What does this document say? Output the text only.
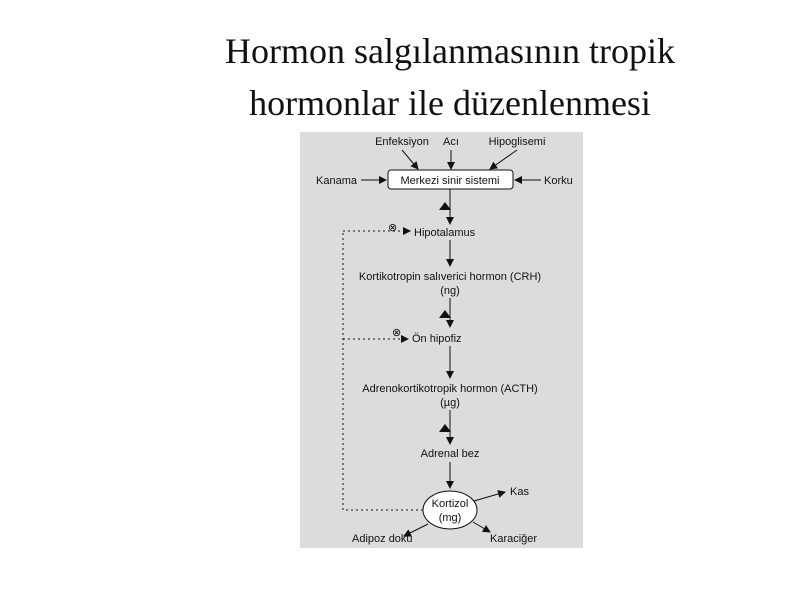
Hormon salgılanmasının tropik
hormonlar ile düzenlenmesi
Enfeksiyon Acı	Hipoglisemi
Merkezi sinir sistemi
Kanama	Korku
Hipotalamus
⊗
Kortikotropin salıverici hormon (CRH)
(ng)
Ön hipofiz
⊗
Adrenokortikotropik hormon (ACTH)
(µg)
Adrenal bez
Kortizol
(mg)
Kas
Adipoz doku	Karaciğer
